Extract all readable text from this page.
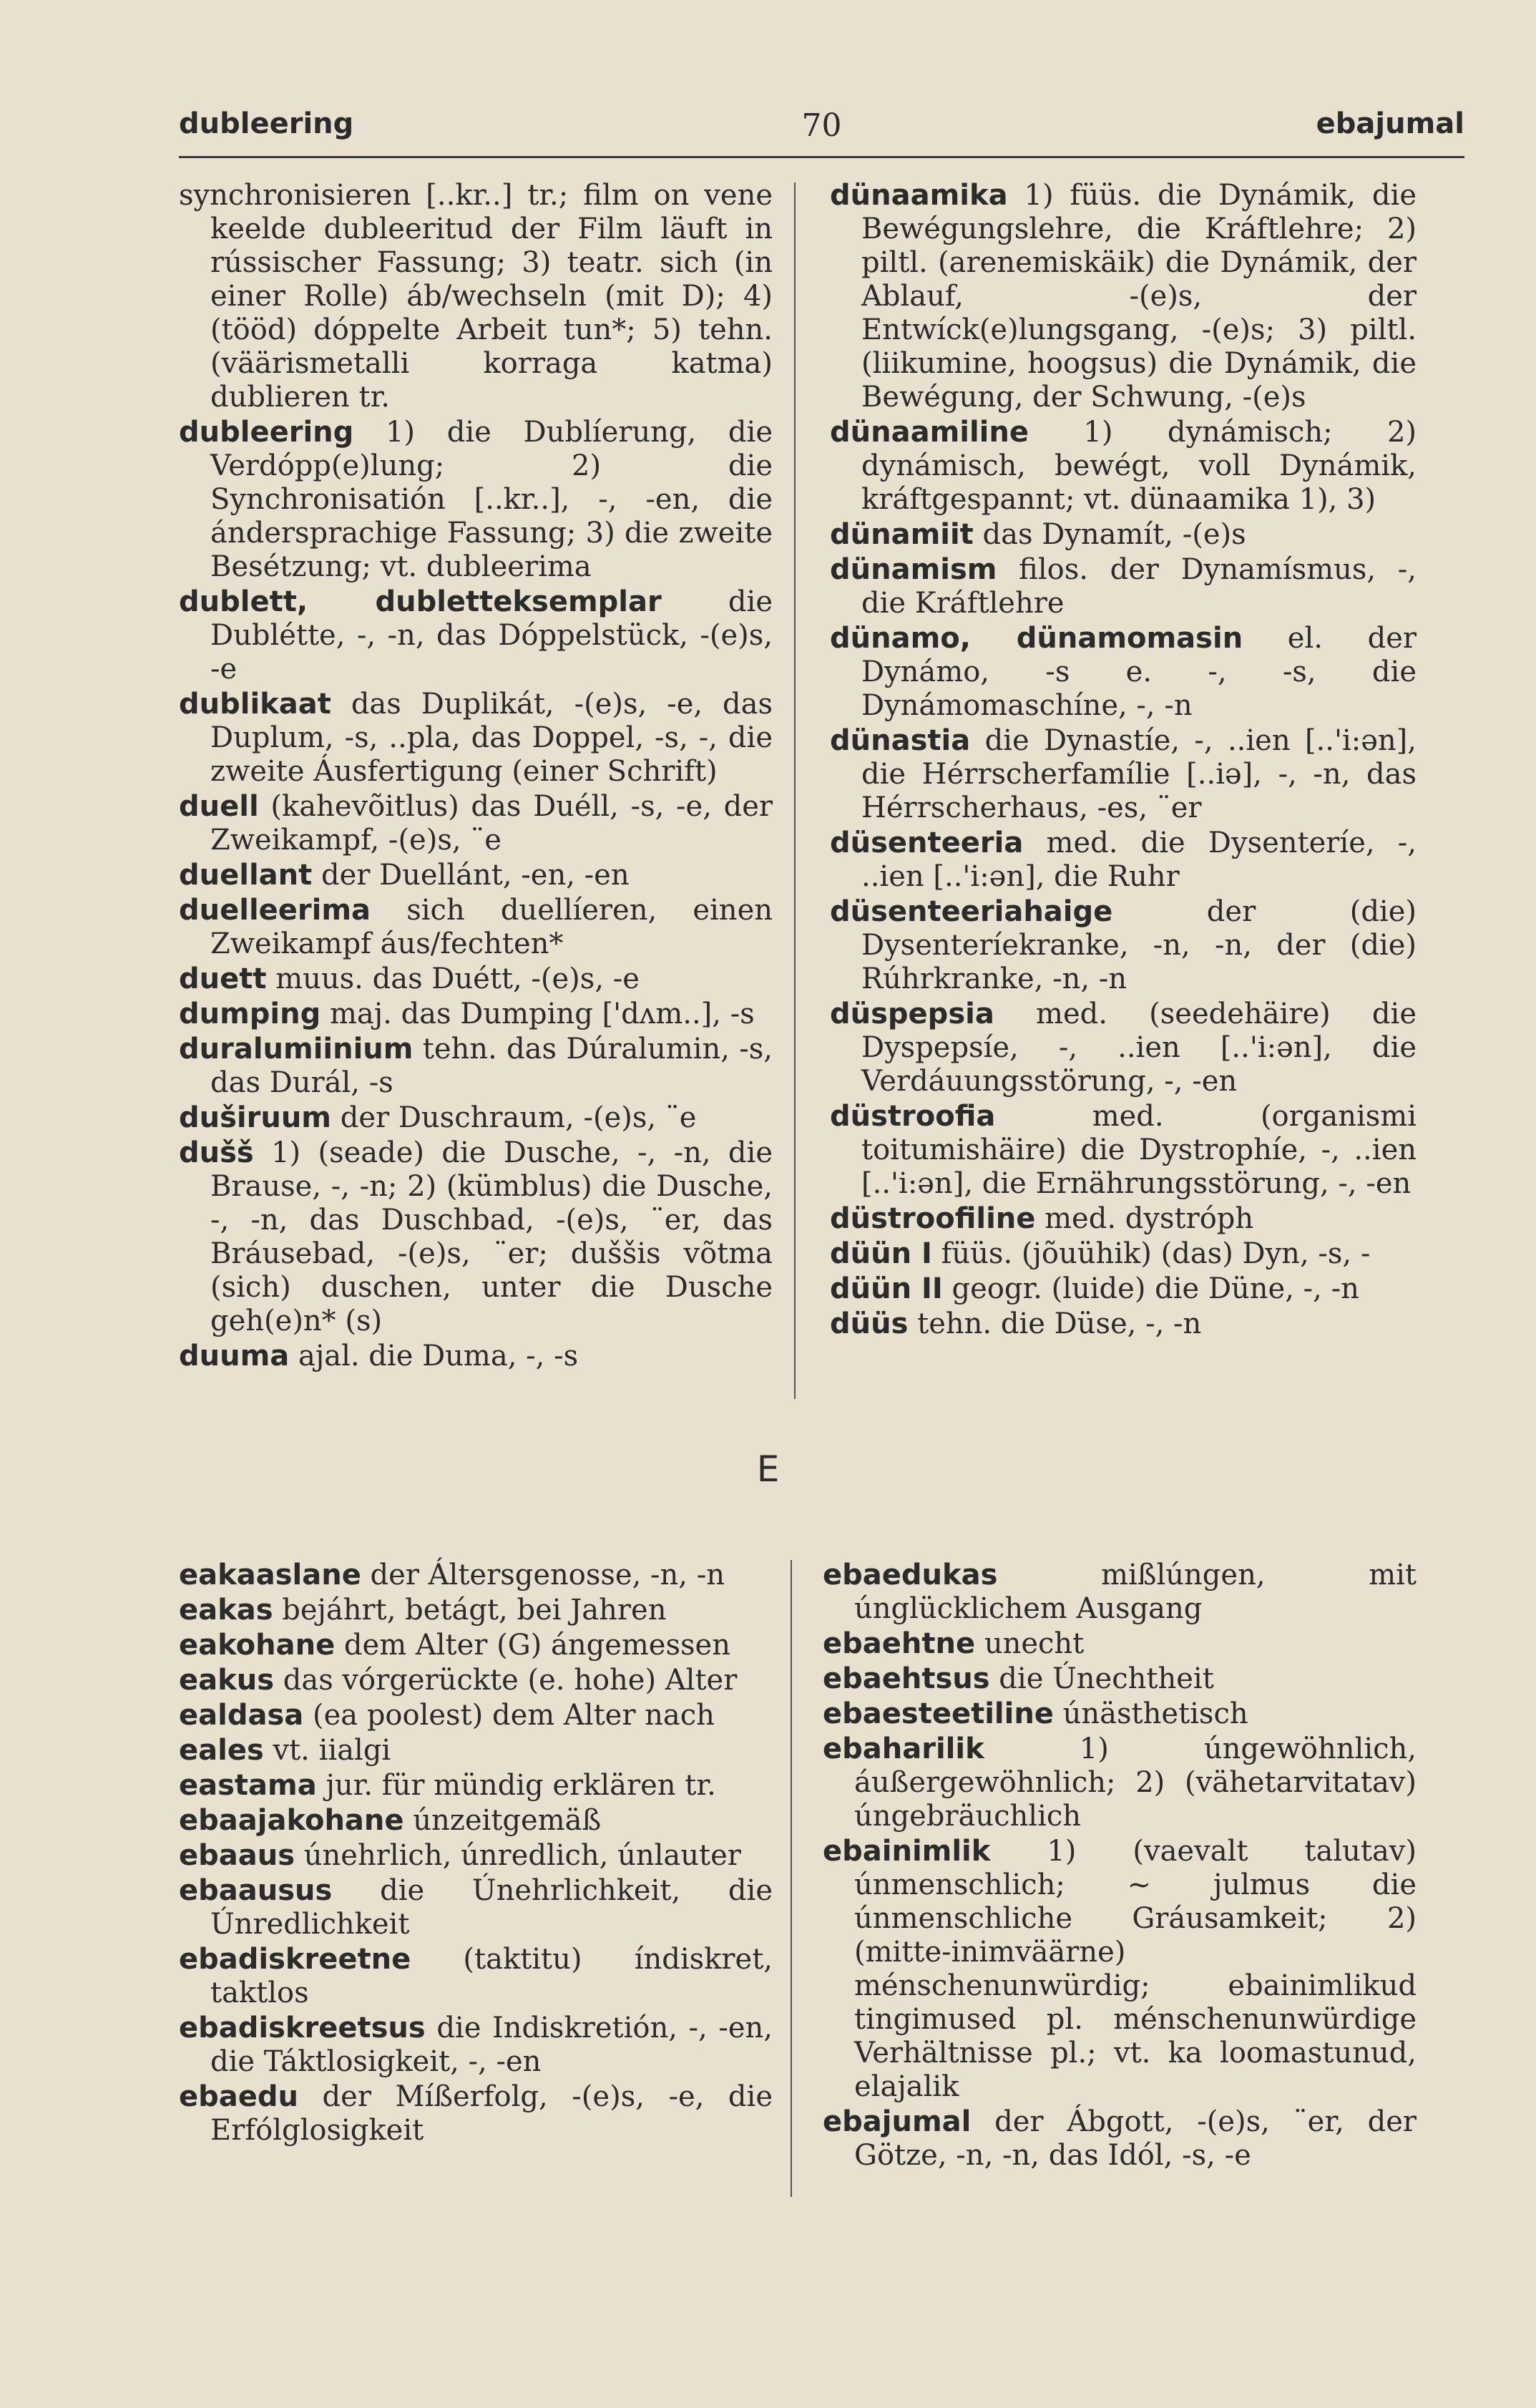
dubleering	70	ebajumal
synchronisieren [..kr..] tr.; film on vene keelde dubleeritud der Film läuft in rússischer Fassung; 3) teatr. sich (in einer Rolle) áb/wechseln (mit D); 4) (tööd) dóppelte Arbeit tun*; 5) tehn. (väärismetalli korraga katma) dublieren tr.
dubleering 1) die Dublíerung, die Verdópp(e)lung; 2) die Synchronisatión [..kr..], -, -en, die ándersprachige Fassung; 3) die zweite Besétzung; vt. dubleerima
dublett, dubletteksemplar die Dublétte, -, -n, das Dóppelstück, -(e)s, -e
dublikaat das Duplikát, -(e)s, -e, das Duplum, -s, ..pla, das Doppel, -s, -, die zweite Áusfertigung (einer Schrift)
duell (kahevõitlus) das Duéll, -s, -e, der Zweikampf, -(e)s, ¨e
duellant der Duellánt, -en, -en
duelleerima sich duellíeren, einen Zweikampf áus/fechten*
duett muus. das Duétt, -(e)s, -e
dumping maj. das Dumping ['dʌm..], -s
duralumiinium tehn. das Dúralumin, -s, das Durál, -s
duširuum der Duschraum, -(e)s, ¨e
dušš 1) (seade) die Dusche, -, -n, die Brause, -, -n; 2) (kümblus) die Dusche, -, -n, das Duschbad, -(e)s, ¨er, das Bráusebad, -(e)s, ¨er; duššis võtma (sich) duschen, unter die Dusche geh(e)n* (s)
duuma ajal. die Duma, -, -s
dünaamika 1) füüs. die Dynámik, die Bewégungslehre, die Kráftlehre; 2) piltl. (arenemiskäik) die Dynámik, der Ablauf, -(e)s, der Entwíck(e)lungsgang, -(e)s; 3) piltl. (liikumine, hoogsus) die Dynámik, die Bewégung, der Schwung, -(e)s
dünaamiline 1) dynámisch; 2) dynámisch, bewégt, voll Dynámik, kráftgespannt; vt. dünaamika 1), 3)
dünamiit das Dynamít, -(e)s
dünamism filos. der Dynamísmus, -, die Kráftlehre
dünamo, dünamomasin el. der Dynámo, -s e. -, -s, die Dynámomaschíne, -, -n
dünastia die Dynastíe, -, ..ien [..'i:ən], die Hérrscherfamílie [..iə], -, -n, das Hérrscherhaus, -es, ¨er
düsenteeria med. die Dysenteríe, -, ..ien [..'i:ən], die Ruhr
düsenteeriahaige	der (die) Dysenteríekranke, -n, -n, der (die) Rúhrkranke, -n, -n
düspepsia med. (seedehäire) die Dyspepsíe, -, ..ien [..'i:ən], die Verdáuungsstörung, -, -en
düstroofia	med. (organismi toitumishäire) die Dystrophíe, -, ..ien [..'i:ən], die Ernährungsstörung, -, -en
düstroofiline med. dystróph
düün I füüs. (jõuühik) (das) Dyn, -s, -
düün II geogr. (luide) die Düne, -, -n
düüs tehn. die Düse, -, -n
E
eakaaslane der Áltersgenosse, -n, -n
eakas bejáhrt, betágt, bei Jahren
eakohane dem Alter (G) ángemessen
eakus das vórgerückte (e. hohe) Alter
ealdasa (ea poolest) dem Alter nach
eales vt. iialgi
eastama jur. für mündig erklären tr.
ebaajakohane únzeitgemäß
ebaaus únehrlich, únredlich, únlauter
ebaausus die Únehrlichkeit, die Únredlichkeit
ebadiskreetne (taktitu) índiskret, taktlos
ebadiskreetsus die Indiskretión, -, -en, die Táktlosigkeit, -, -en
ebaedu der Míßerfolg, -(e)s, -e, die Erfólglosigkeit
ebaedukas	mißlúngen, mit únglücklichem Ausgang
ebaehtne unecht
ebaehtsus die Únechtheit
ebaesteetiline únästhetisch
ebaharilik	1) úngewöhnlich, áußergewöhnlich; 2) (vähetarvitatav) úngebräuchlich
ebainimlik 1) (vaevalt talutav) únmenschlich; ~ julmus die únmenschliche Gráusamkeit; 2) (mitte-inimväärne) ménschenunwürdig; ebainimlikud tingimused pl. ménschenunwürdige Verhältnisse pl.; vt. ka loomastunud, elajalik
ebajumal der Ábgott, -(e)s, ¨er, der Götze, -n, -n, das Idól, -s, -e
